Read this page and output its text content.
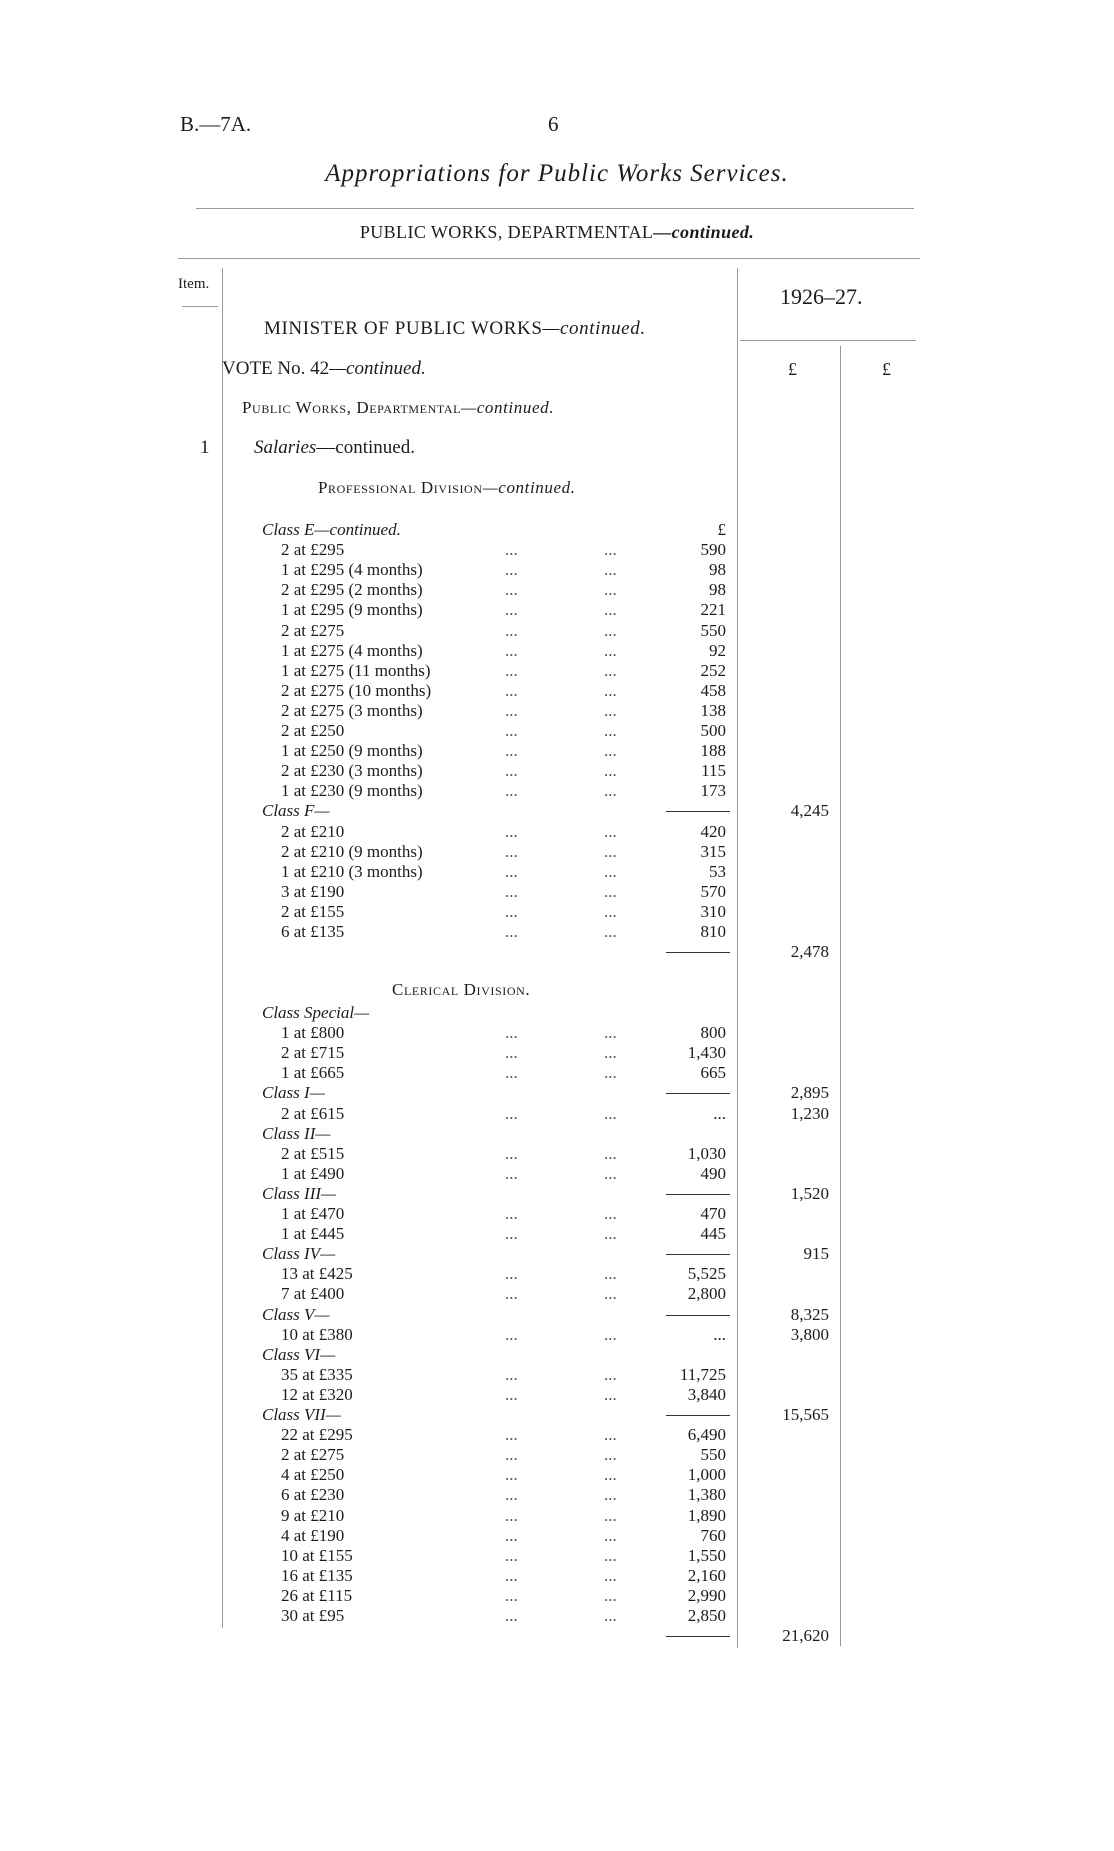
B.—7A.	6
Appropriations for Public Works Services.
PUBLIC WORKS, DEPARTMENTAL—continued.
Item.	1926–27.
£	£
MINISTER OF PUBLIC WORKS—continued.
VOTE No. 42—continued.
Public Works, Departmental—continued.
1 Salaries—continued.
Professional Division—continued.
Clerical Division.
Class E—continued.	£
2 at £295	...	...	590
1 at £295 (4 months)	...	...	98
2 at £295 (2 months)	...	...	98
1 at £295 (9 months)	...	...	221
2 at £275	...	...	550
1 at £275 (4 months)	...	...	92
1 at £275 (11 months)	...	...	252
2 at £275 (10 months)	...	...	458
2 at £275 (3 months)	...	...	138
2 at £250	...	...	500
1 at £250 (9 months)	...	...	188
2 at £230 (3 months)	...	...	115
1 at £230 (9 months)	...	...	173
Class F—	4,245
2 at £210	...	...	420
2 at £210 (9 months)	...	...	315
1 at £210 (3 months)	...	...	53
3 at £190	...	...	570
2 at £155	...	...	310
6 at £135	...	...	810
2,478
Class Special—
1 at £800	...	...	800
2 at £715	...	...	1,430
1 at £665	...	...	665
Class I—	2,895
2 at £615	...	...	...	1,230
Class II—
2 at £515	...	...	1,030
1 at £490	...	...	490
Class III—	1,520
1 at £470	...	...	470
1 at £445	...	...	445
Class IV—	915
13 at £425	...	...	5,525
7 at £400	...	...	2,800
Class V—	8,325
10 at £380	...	...	...	3,800
Class VI—
35 at £335	...	...	11,725
12 at £320	...	...	3,840
Class VII—	15,565
22 at £295	...	...	6,490
2 at £275	...	...	550
4 at £250	...	...	1,000
6 at £230	...	...	1,380
9 at £210	...	...	1,890
4 at £190	...	...	760
10 at £155	...	...	1,550
16 at £135	...	...	2,160
26 at £115	...	...	2,990
30 at £95	...	...	2,850
21,620
